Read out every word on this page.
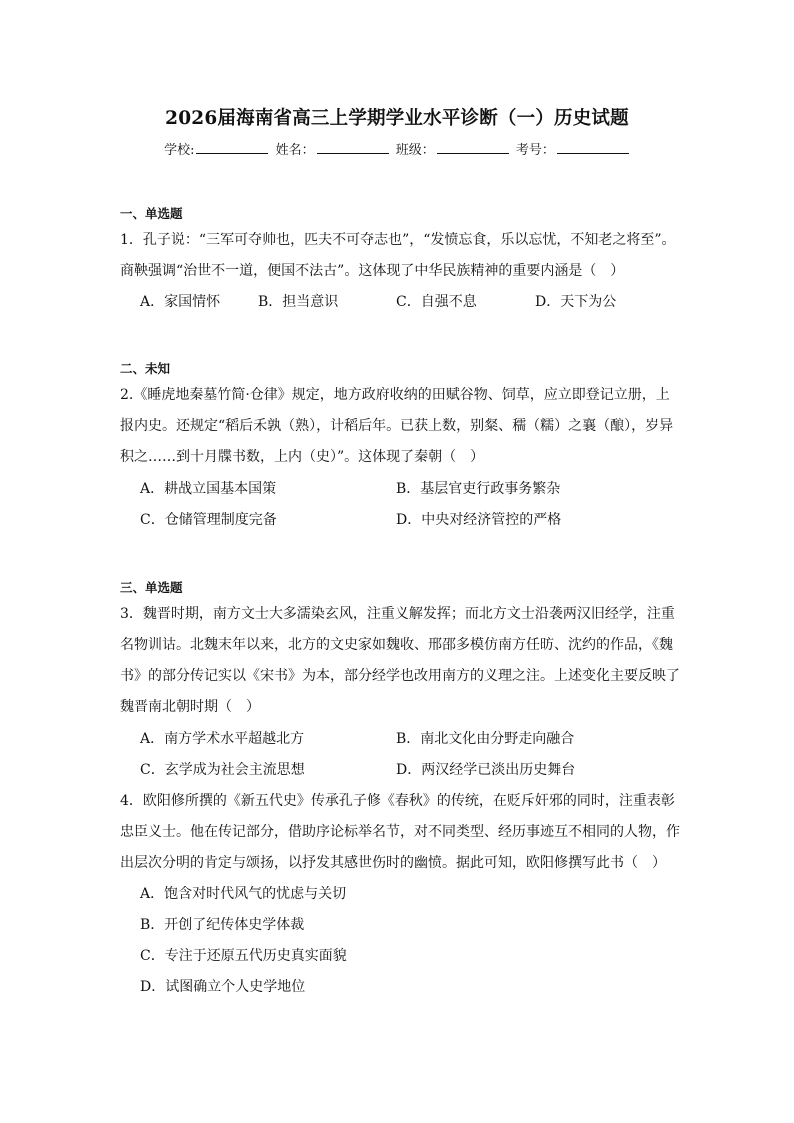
2026届海南省高三上学期学业水平诊断（一）历史试题
学校:	姓名：	班级：	考号：
一、单选题
1．孔子说：“三军可夺帅也，匹夫不可夺志也”，“发愤忘食，乐以忘忧，不知老之将至”。
商鞅强调“治世不一道，便国不法古”。这体现了中华民族精神的重要内涵是（　）
A．家国情怀	B．担当意识	C．自强不息	D．天下为公
二、未知
2.《睡虎地秦墓竹简·仓律》规定，地方政府收纳的田赋谷物、饲草，应立即登记立册，上
报内史。还规定“稻后禾孰（熟），计稻后年。已获上数，别粲、穤（糯）之襄（酿），岁异
积之……到十月牒书数，上内（史）”。这体现了秦朝（　）
A．耕战立国基本国策	B．基层官吏行政事务繁杂
C．仓储管理制度完备	D．中央对经济管控的严格
三、单选题
3．魏晋时期，南方文士大多濡染玄风，注重义解发挥；而北方文士沿袭两汉旧经学，注重
名物训诂。北魏末年以来，北方的文史家如魏收、邢邵多模仿南方任昉、沈约的作品，《魏
书》的部分传记实以《宋书》为本，部分经学也改用南方的义理之注。上述变化主要反映了
魏晋南北朝时期（　）
A．南方学术水平超越北方	B．南北文化由分野走向融合
C．玄学成为社会主流思想	D．两汉经学已淡出历史舞台
4．欧阳修所撰的《新五代史》传承孔子修《春秋》的传统，在贬斥奸邪的同时，注重表彰
忠臣义士。他在传记部分，借助序论标举名节，对不同类型、经历事迹互不相同的人物，作
出层次分明的肯定与颂扬，以抒发其感世伤时的幽愤。据此可知，欧阳修撰写此书（　）
A．饱含对时代风气的忧虑与关切
B．开创了纪传体史学体裁
C．专注于还原五代历史真实面貌
D．试图确立个人史学地位
